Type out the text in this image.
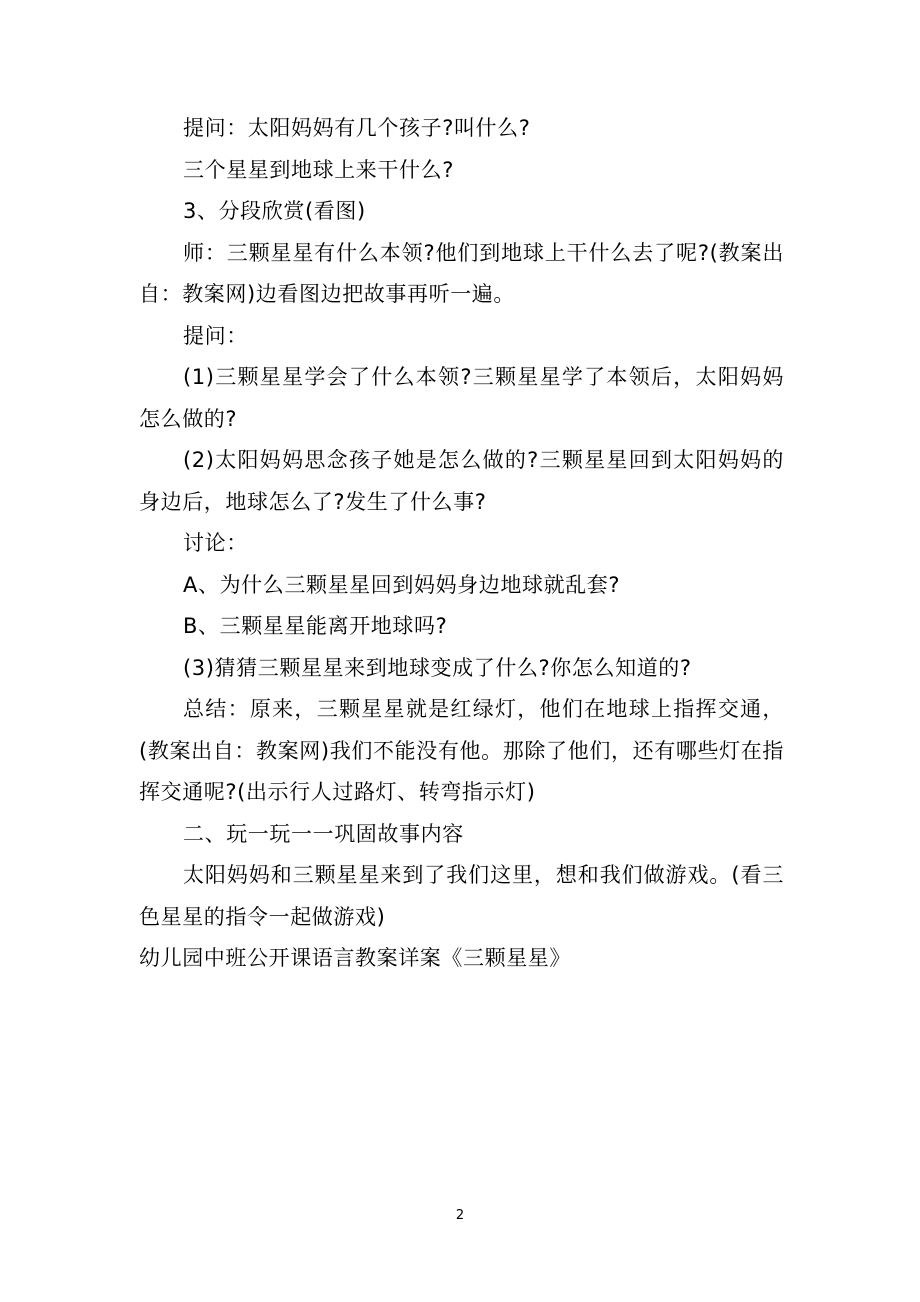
提问：太阳妈妈有几个孩子?叫什么?

三个星星到地球上来干什么?

3、分段欣赏(看图)

师：三颗星星有什么本领?他们到地球上干什么去了呢?(教案出自：教案网)边看图边把故事再听一遍。

提问：

(1)三颗星星学会了什么本领?三颗星星学了本领后，太阳妈妈怎么做的?

(2)太阳妈妈思念孩子她是怎么做的?三颗星星回到太阳妈妈的身边后，地球怎么了?发生了什么事?

讨论：

A、为什么三颗星星回到妈妈身边地球就乱套?

B、三颗星星能离开地球吗?

(3)猜猜三颗星星来到地球变成了什么?你怎么知道的?

总结：原来，三颗星星就是红绿灯，他们在地球上指挥交通，(教案出自：教案网)我们不能没有他。那除了他们，还有哪些灯在指挥交通呢?(出示行人过路灯、转弯指示灯)

二、玩一玩一一巩固故事内容

太阳妈妈和三颗星星来到了我们这里，想和我们做游戏。(看三色星星的指令一起做游戏)

幼儿园中班公开课语言教案详案《三颗星星》

2
